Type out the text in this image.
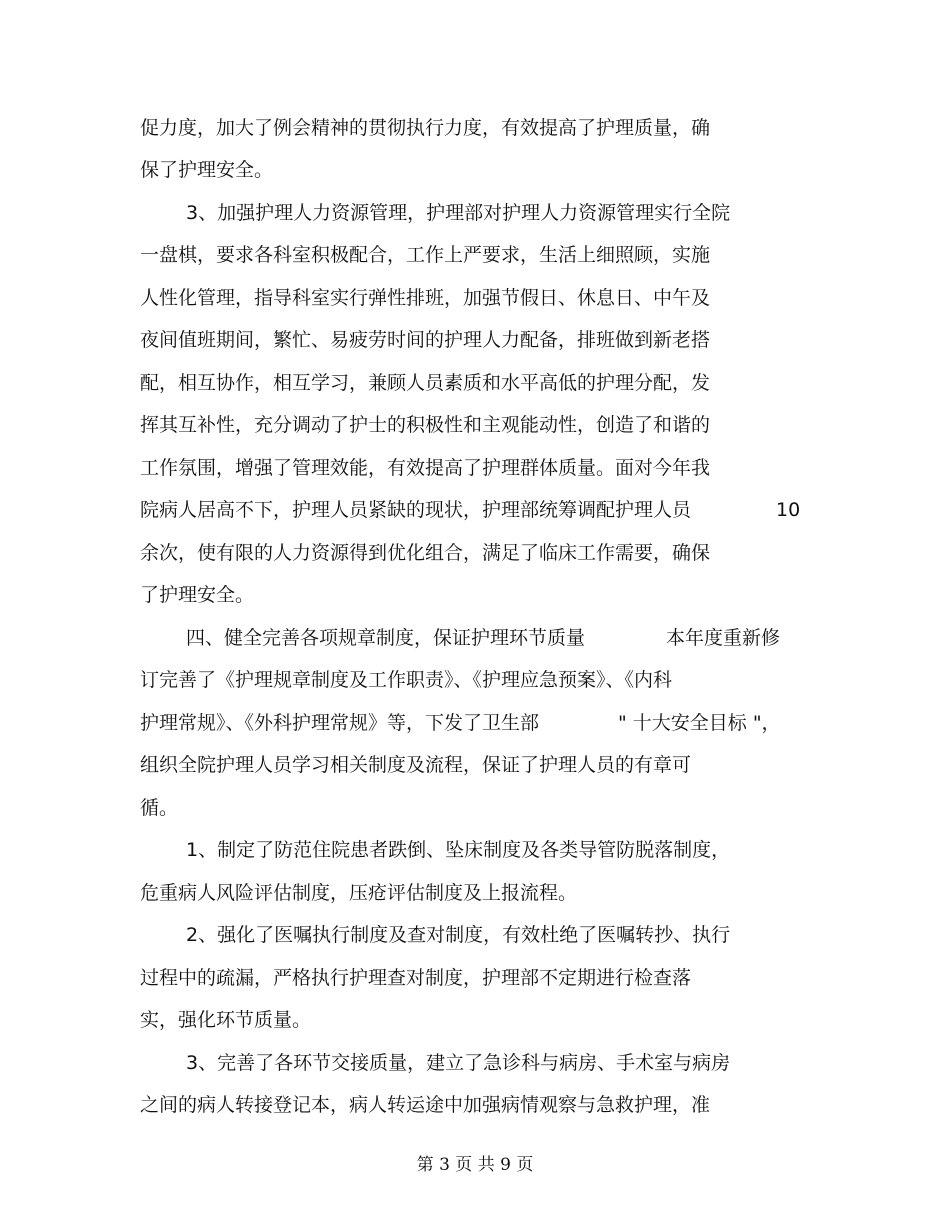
促力度，加大了例会精神的贯彻执行力度，有效提高了护理质量，确
保了护理安全。
3、加强护理人力资源管理，护理部对护理人力资源管理实行全院
一盘棋，要求各科室积极配合，工作上严要求，生活上细照顾，实施
人性化管理，指导科室实行弹性排班，加强节假日、休息日、中午及
夜间值班期间，繁忙、易疲劳时间的护理人力配备，排班做到新老搭
配，相互协作，相互学习，兼顾人员素质和水平高低的护理分配，发
挥其互补性，充分调动了护士的积极性和主观能动性，创造了和谐的
工作氛围，增强了管理效能，有效提高了护理群体质量。面对今年我
院病人居高不下，护理人员紧缺的现状，护理部统筹调配护理人员	10
余次，使有限的人力资源得到优化组合，满足了临床工作需要，确保
了护理安全。
四、健全完善各项规章制度，保证护理环节质量	本年度重新修
订完善了《护理规章制度及工作职责》、《护理应急预案》、《内科
护理常规》、《外科护理常规》等，下发了卫生部	" 十大安全目标 "，
组织全院护理人员学习相关制度及流程，保证了护理人员的有章可
循。
1、制定了防范住院患者跌倒、坠床制度及各类导管防脱落制度，
危重病人风险评估制度，压疮评估制度及上报流程。
2、强化了医嘱执行制度及查对制度，有效杜绝了医嘱转抄、执行
过程中的疏漏，严格执行护理查对制度，护理部不定期进行检查落
实，强化环节质量。
3、完善了各环节交接质量，建立了急诊科与病房、手术室与病房
之间的病人转接登记本，病人转运途中加强病情观察与急救护理，准
第 3 页 共 9 页
